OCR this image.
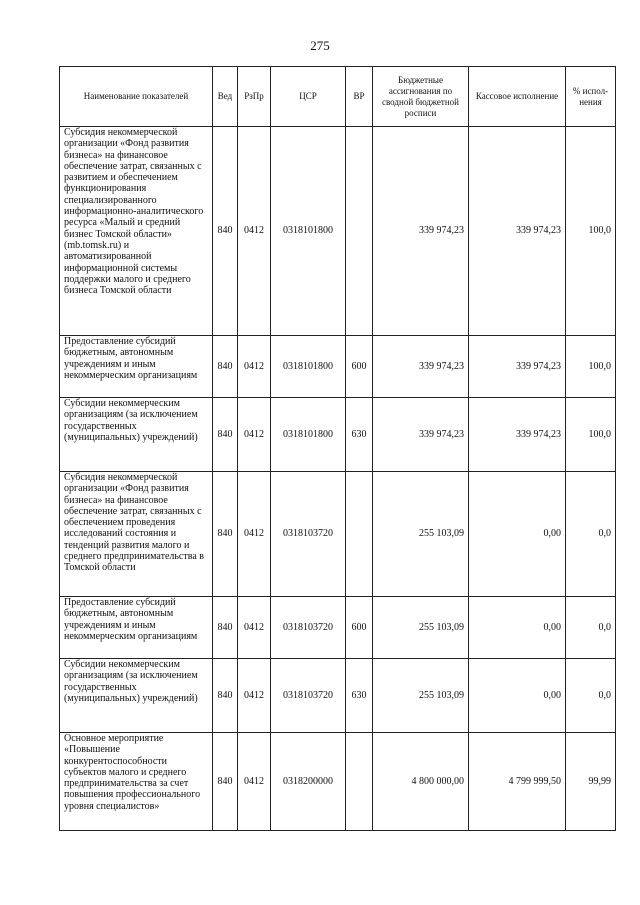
275
Наименование показателей	Вед	РзПр	ЦСР	ВР	Бюджетные ассигнования по сводной бюджетной росписи	Кассовое исполнение	% испол-нения
Субсидия некоммерческой организации «Фонд развития бизнеса» на финансовое обеспечение затрат, связанных с развитием и обеспечением функционирования специализированного информационно-аналитического ресурса «Малый и средний бизнес Томской области» (mb.tomsk.ru) и автоматизированной информационной системы поддержки малого и среднего бизнеса Томской области	840	0412	0318101800		339 974,23	339 974,23	100,0
Предоставление субсидий бюджетным, автономным учреждениям и иным некоммерческим организациям	840	0412	0318101800	600	339 974,23	339 974,23	100,0
Субсидии некоммерческим организациям (за исключением государственных (муниципальных) учреждений)	840	0412	0318101800	630	339 974,23	339 974,23	100,0
Субсидия некоммерческой организации «Фонд развития бизнеса» на финансовое обеспечение затрат, связанных с обеспечением проведения исследований состояния и тенденций развития малого и среднего предпринимательства в Томской области	840	0412	0318103720		255 103,09	0,00	0,0
Предоставление субсидий бюджетным, автономным учреждениям и иным некоммерческим организациям	840	0412	0318103720	600	255 103,09	0,00	0,0
Субсидии некоммерческим организациям (за исключением государственных (муниципальных) учреждений)	840	0412	0318103720	630	255 103,09	0,00	0,0
Основное мероприятие «Повышение конкурентоспособности субъектов малого и среднего предпринимательства за счет повышения профессионального уровня специалистов»	840	0412	0318200000		4 800 000,00	4 799 999,50	99,99
